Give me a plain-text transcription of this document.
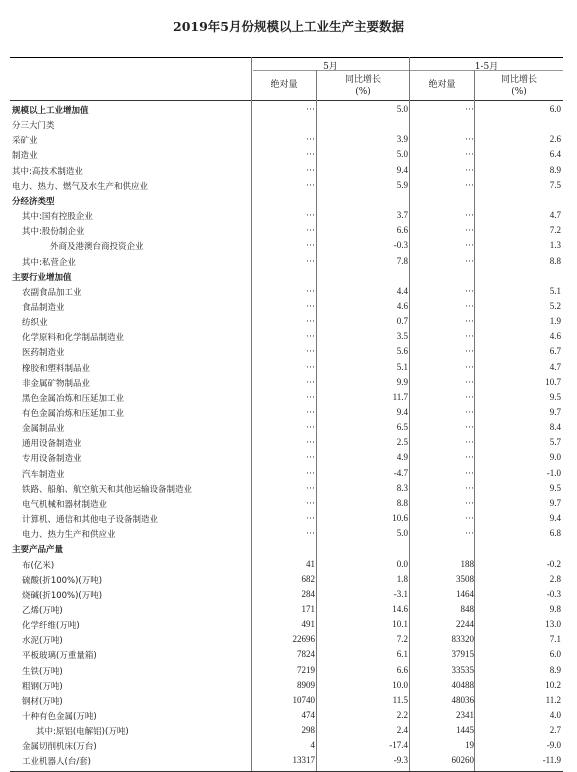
2019年5月份规模以上工业生产主要数据
5月	1-5月
绝对量	同比增长
(%)
绝对量	同比增长
(%)
规模以上工业增加值	···	5.0	···	6.0
分三大门类
采矿业	···	3.9	···	2.6
制造业	···	5.0	···	6.4
其中:高技术制造业	···	9.4	···	8.9
电力、热力、燃气及水生产和供应业	···	5.9	···	7.5
分经济类型
其中:国有控股企业	···	3.7	···	4.7
其中:股份制企业	···	6.6	···	7.2
外商及港澳台商投资企业	···	-0.3	···	1.3
其中:私营企业	···	7.8	···	8.8
主要行业增加值
农副食品加工业	···	4.4	···	5.1
食品制造业	···	4.6	···	5.2
纺织业	···	0.7	···	1.9
化学原料和化学制品制造业	···	3.5	···	4.6
医药制造业	···	5.6	···	6.7
橡胶和塑料制品业	···	5.1	···	4.7
非金属矿物制品业	···	9.9	···	10.7
黑色金属冶炼和压延加工业	···	11.7	···	9.5
有色金属冶炼和压延加工业	···	9.4	···	9.7
金属制品业	···	6.5	···	8.4
通用设备制造业	···	2.5	···	5.7
专用设备制造业	···	4.9	···	9.0
汽车制造业	···	-4.7	···	-1.0
铁路、船舶、航空航天和其他运输设备制造业	···	8.3	···	9.5
电气机械和器材制造业	···	8.8	···	9.7
计算机、通信和其他电子设备制造业	···	10.6	···	9.4
电力、热力生产和供应业	···	5.0	···	6.8
主要产品产量
布(亿米)	41	0.0	188	-0.2
硫酸(折100%)(万吨)	682	1.8	3508	2.8
烧碱(折100%)(万吨)	284	-3.1	1464	-0.3
乙烯(万吨)	171	14.6	848	9.8
化学纤维(万吨)	491	10.1	2244	13.0
水泥(万吨)	22696	7.2	83320	7.1
平板玻璃(万重量箱)	7824	6.1	37915	6.0
生铁(万吨)	7219	6.6	33535	8.9
粗钢(万吨)	8909	10.0	40488	10.2
钢材(万吨)	10740	11.5	48036	11.2
十种有色金属(万吨)	474	2.2	2341	4.0
其中:原铝(电解铝)(万吨)	298	2.4	1445	2.7
金属切削机床(万台)	4	-17.4	19	-9.0
工业机器人(台/套)	13317	-9.3	60260	-11.9
